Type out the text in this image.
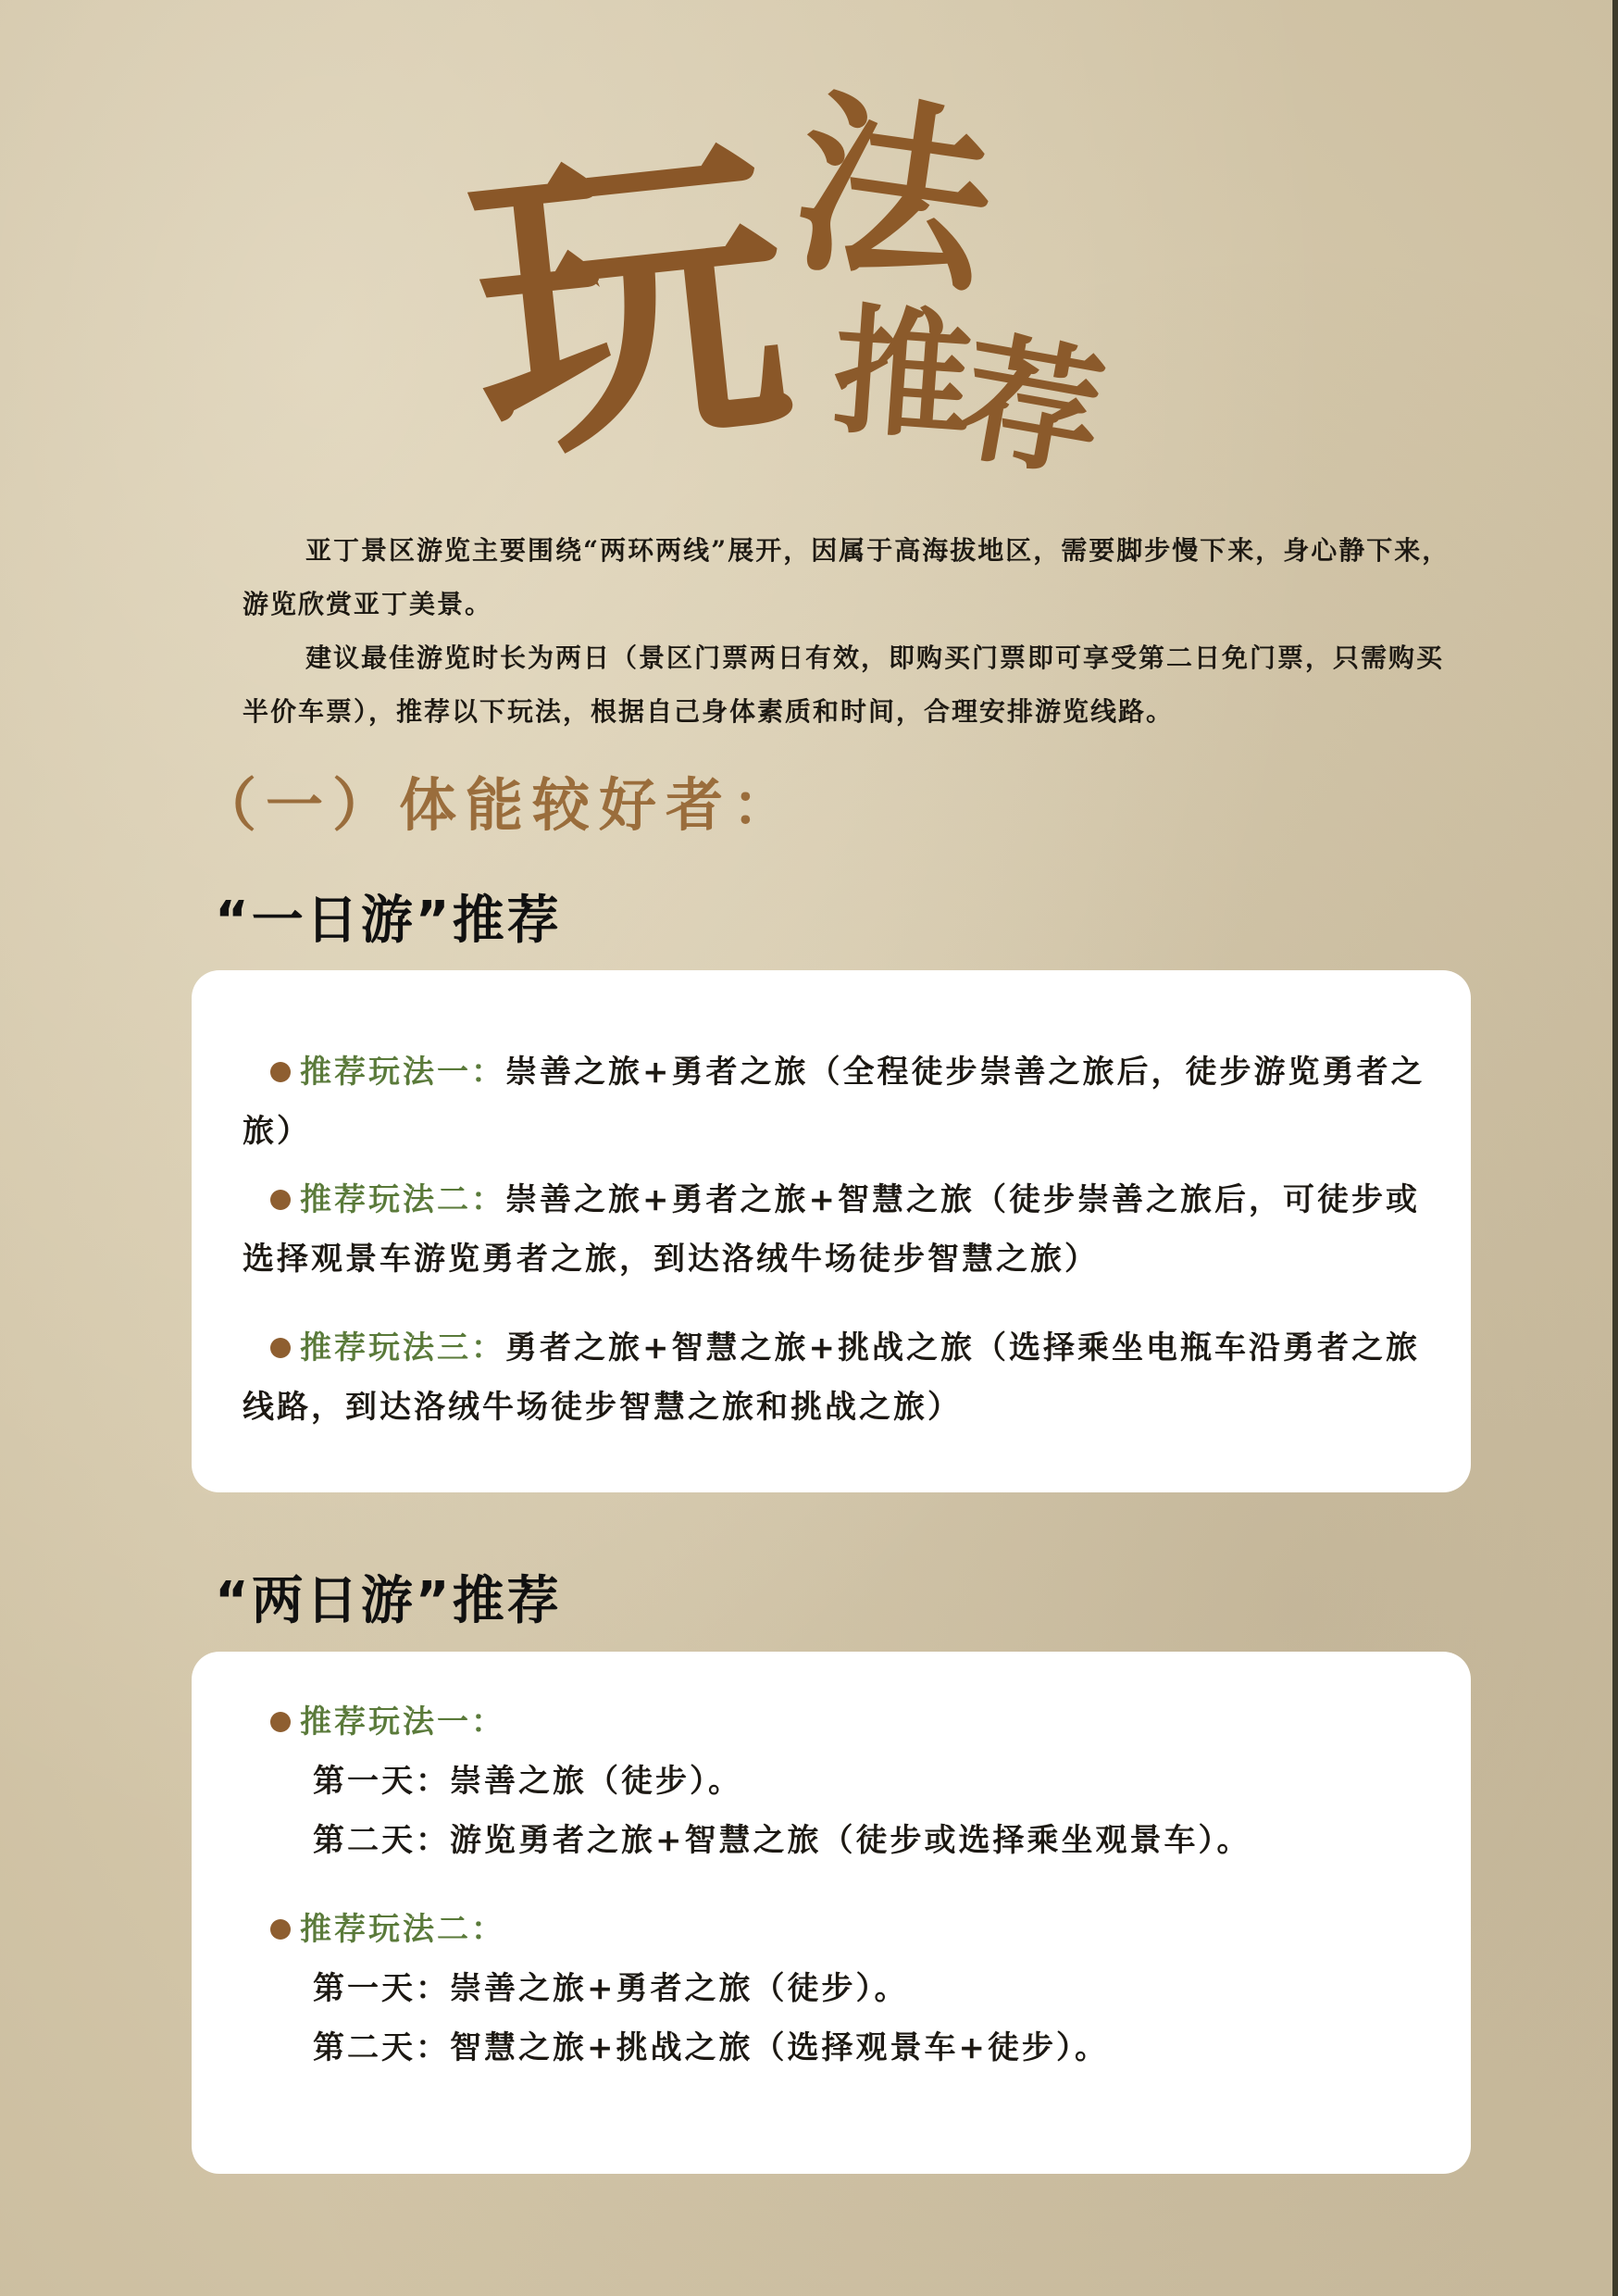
玩
法
推
荐

亚丁景区游览主要围绕“两环两线”展开，因属于高海拔地区，需要脚步慢下来，身心静下来，游览欣赏亚丁美景。

建议最佳游览时长为两日（景区门票两日有效，即购买门票即可享受第二日免门票，只需购买半价车票），推荐以下玩法，根据自己身体素质和时间，合理安排游览线路。

（一）体能较好者：
“一日游”推荐
推荐玩法一：崇善之旅+勇者之旅（全程徒步崇善之旅后，徒步游览勇者之旅）
推荐玩法二：崇善之旅+勇者之旅+智慧之旅（徒步崇善之旅后，可徒步或选择观景车游览勇者之旅，到达洛绒牛场徒步智慧之旅）
推荐玩法三：勇者之旅+智慧之旅+挑战之旅（选择乘坐电瓶车沿勇者之旅线路，到达洛绒牛场徒步智慧之旅和挑战之旅）
“两日游”推荐
推荐玩法一：
第一天：崇善之旅（徒步）。
第二天：游览勇者之旅+智慧之旅（徒步或选择乘坐观景车）。
推荐玩法二：
第一天：崇善之旅+勇者之旅（徒步）。
第二天：智慧之旅+挑战之旅（选择观景车+徒步）。
